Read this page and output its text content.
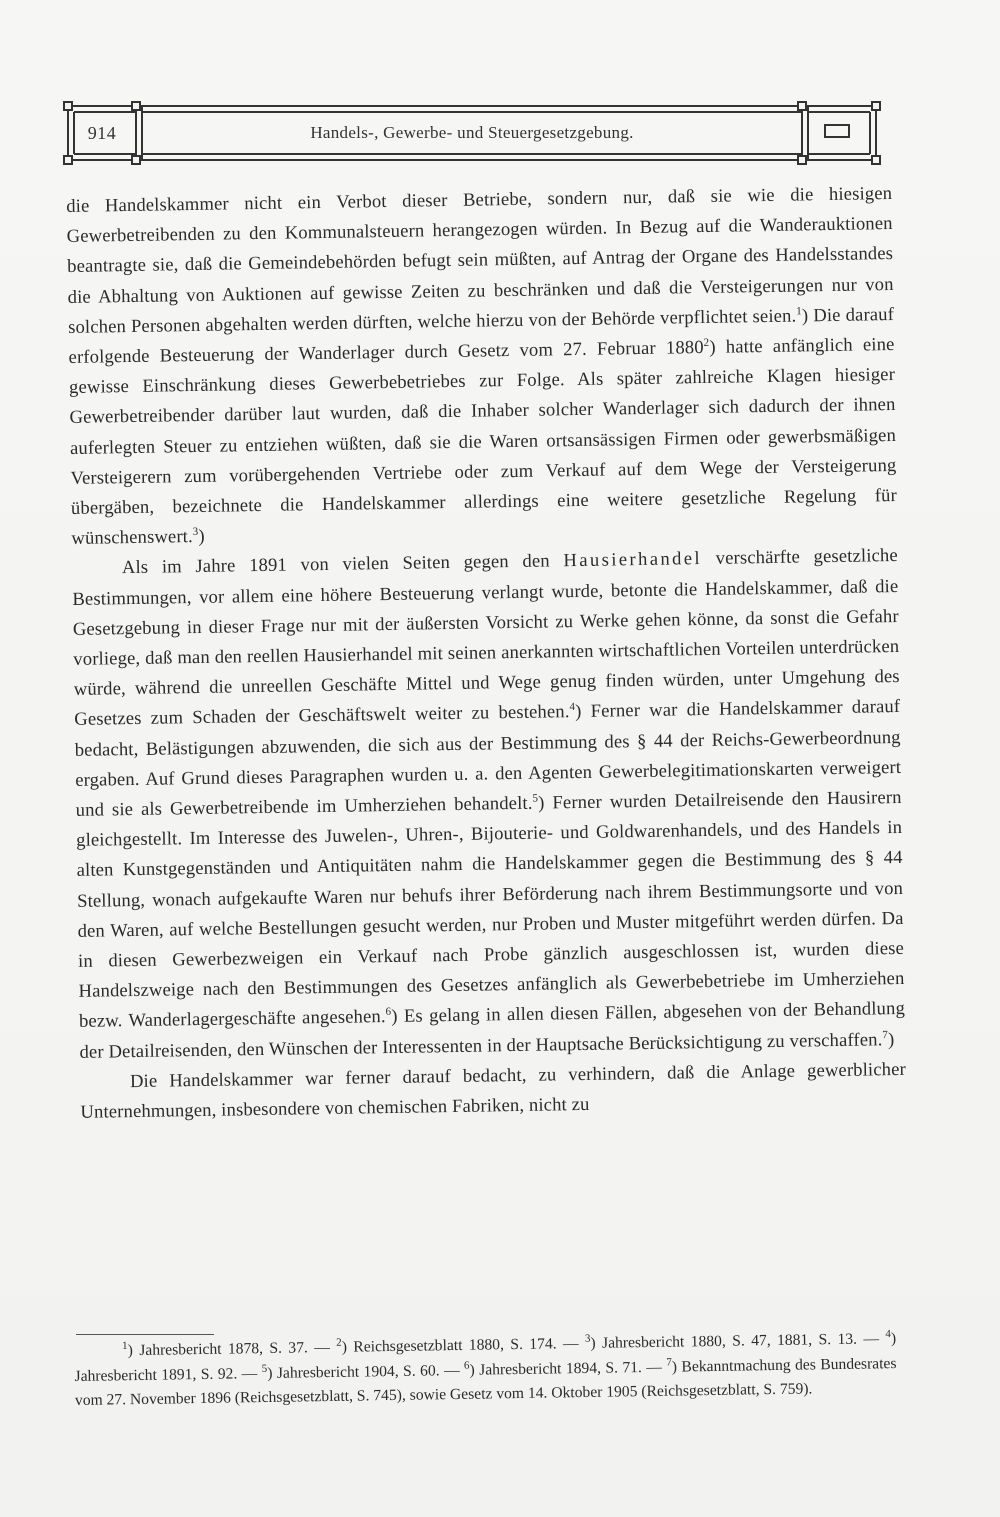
914	Handels-, Gewerbe- und Steuergesetzgebung.

die Handelskammer nicht ein Verbot dieser Betriebe, sondern nur, daß sie wie die hiesigen Gewerbetreibenden zu den Kommunalsteuern herangezogen würden. In Bezug auf die Wanderauktionen beantragte sie, daß die Gemeindebehörden befugt sein müßten, auf Antrag der Organe des Handelsstandes die Abhaltung von Auktionen auf gewisse Zeiten zu beschränken und daß die Versteigerungen nur von solchen Personen abgehalten werden dürften, welche hierzu von der Behörde verpflichtet seien.$^1$) Die darauf erfolgende Besteuerung der Wanderlager durch Gesetz vom 27. Februar 1880$^2$) hatte anfänglich eine gewisse Einschränkung dieses Gewerbebetriebes zur Folge. Als später zahlreiche Klagen hiesiger Gewerbetreibender darüber laut wurden, daß die Inhaber solcher Wanderlager sich dadurch der ihnen auferlegten Steuer zu entziehen wüßten, daß sie die Waren ortsansässigen Firmen oder gewerbsmäßigen Versteigerern zum vorübergehenden Vertriebe oder zum Verkauf auf dem Wege der Versteigerung übergäben, bezeichnete die Handelskammer allerdings eine weitere gesetzliche Regelung für wünschenswert.$^3$)

Als im Jahre 1891 von vielen Seiten gegen den Hausierhandel verschärfte gesetzliche Bestimmungen, vor allem eine höhere Besteuerung verlangt wurde, betonte die Handelskammer, daß die Gesetzgebung in dieser Frage nur mit der äußersten Vorsicht zu Werke gehen könne, da sonst die Gefahr vorliege, daß man den reellen Hausierhandel mit seinen anerkannten wirtschaftlichen Vorteilen unterdrücken würde, während die unreellen Geschäfte Mittel und Wege genug finden würden, unter Umgehung des Gesetzes zum Schaden der Geschäftswelt weiter zu bestehen.$^4$) Ferner war die Handelskammer darauf bedacht, Belästigungen abzuwenden, die sich aus der Bestimmung des § 44 der Reichs-Gewerbeordnung ergaben. Auf Grund dieses Paragraphen wurden u. a. den Agenten Gewerbelegitimationskarten verweigert und sie als Gewerbetreibende im Umherziehen behandelt.$^5$) Ferner wurden Detailreisende den Hausirern gleichgestellt. Im Interesse des Juwelen-, Uhren-, Bijouterie- und Goldwarenhandels, und des Handels in alten Kunstgegenständen und Antiquitäten nahm die Handelskammer gegen die Bestimmung des § 44 Stellung, wonach aufgekaufte Waren nur behufs ihrer Beförderung nach ihrem Bestimmungsorte und von den Waren, auf welche Bestellungen gesucht werden, nur Proben und Muster mitgeführt werden dürfen. Da in diesen Gewerbezweigen ein Verkauf nach Probe gänzlich ausgeschlossen ist, wurden diese Handelszweige nach den Bestimmungen des Gesetzes anfänglich als Gewerbebetriebe im Umherziehen bezw. Wanderlagergeschäfte angesehen.$^6$) Es gelang in allen diesen Fällen, abgesehen von der Behandlung der Detailreisenden, den Wünschen der Interessenten in der Hauptsache Berücksichtigung zu verschaffen.$^7$)

Die Handelskammer war ferner darauf bedacht, zu verhindern, daß die Anlage gewerblicher Unternehmungen, insbesondere von chemischen Fabriken, nicht zu

$^1$) Jahresbericht 1878, S. 37. — $^2$) Reichsgesetzblatt 1880, S. 174. — $^3$) Jahresbericht 1880, S. 47, 1881, S. 13. — $^4$) Jahresbericht 1891, S. 92. — $^5$) Jahresbericht 1904, S. 60. — $^6$) Jahresbericht 1894, S. 71. — $^7$) Bekanntmachung des Bundesrates vom 27. November 1896 (Reichsgesetzblatt, S. 745), sowie Gesetz vom 14. Oktober 1905 (Reichsgesetzblatt, S. 759).
